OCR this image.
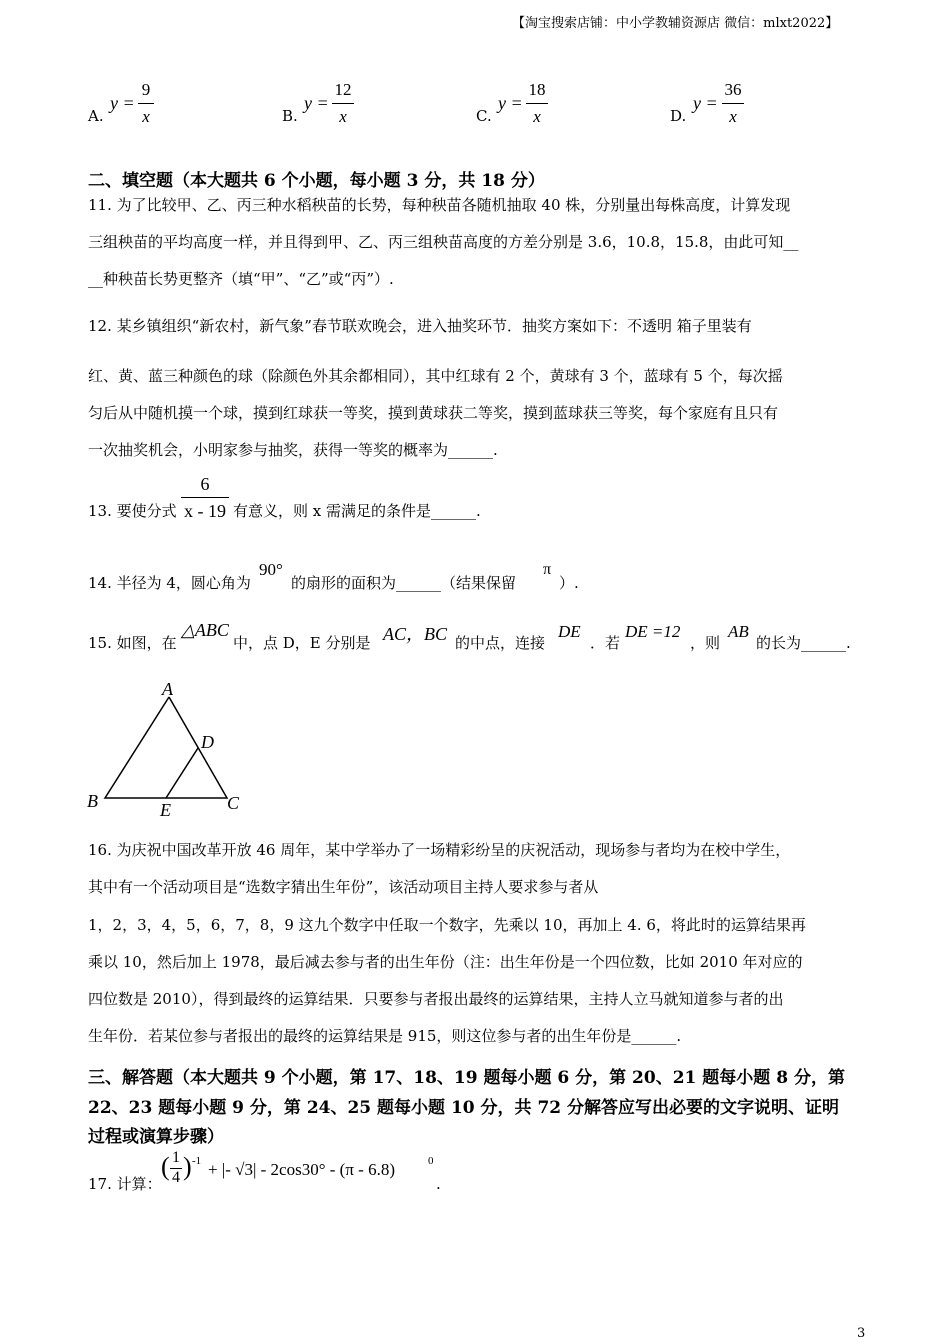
【淘宝搜索店铺：中小学教辅资源店 微信：mlxt2022】
A.
y =
9
x	B.
y =
12
x	C.
y =
18
x	D.
y =
36
x
二、填空题（本大题共 6 个小题，每小题 3 分，共 18 分）
11. 为了比较甲、乙、丙三种水稻秧苗的长势，每种秧苗各随机抽取 40 株，分别量出每株高度，计算发现
三组秧苗的平均高度一样，并且得到甲、乙、丙三组秧苗高度的方差分别是 3.6，10.8，15.8，由此可知__
__种秧苗长势更整齐（填“甲”、“乙”或“丙”）.
12. 某乡镇组织“新农村，新气象”春节联欢晚会，进入抽奖环节．抽奖方案如下：不透明 箱子里装有
红、黄、蓝三种颜色的球（除颜色外其余都相同），其中红球有 2 个，黄球有 3 个，蓝球有 5 个，每次摇
匀后从中随机摸一个球，摸到红球获一等奖，摸到黄球获二等奖，摸到蓝球获三等奖，每个家庭有且只有
一次抽奖机会，小明家参与抽奖，获得一等奖的概率为______.
13. 要使分式
6
x - 19 有意义，则 x 需满足的条件是______.
14. 半径为 4，圆心角为
90°
的扇形的面积为______（结果保留
π
）.
15. 如图，在
△ABC
中，点 D，E 分别是 AC，BC 的中点，连接
DE
．若
DE =12
，则
AB
的长为______.
A
B	C
D
E
16. 为庆祝中国改革开放 46 周年，某中学举办了一场精彩纷呈的庆祝活动，现场参与者均为在校中学生，
其中有一个活动项目是“选数字猜出生年份”，该活动项目主持人要求参与者从
1，2，3，4，5，6，7，8，9 这九个数字中任取一个数字，先乘以 10，再加上 4. 6，将此时的运算结果再
乘以 10，然后加上 1978，最后减去参与者的出生年份（注：出生年份是一个四位数，比如 2010 年对应的
四位数是 2010），得到最终的运算结果．只要参与者报出最终的运算结果，主持人立马就知道参与者的出
生年份．若某位参与者报出的最终的运算结果是 915，则这位参与者的出生年份是______.
三、解答题（本大题共 9 个小题，第 17、18、19 题每小题 6 分，第 20、21 题每小题 8 分，第
22、23 题每小题 9 分，第 24、25 题每小题 10 分，共 72 分解答应写出必要的文字说明、证明
过程或演算步骤）
17. 计算：
( 1
4 ) -1 + |- √3| - 2cos30° - (π - 6.8)	0
.
3
